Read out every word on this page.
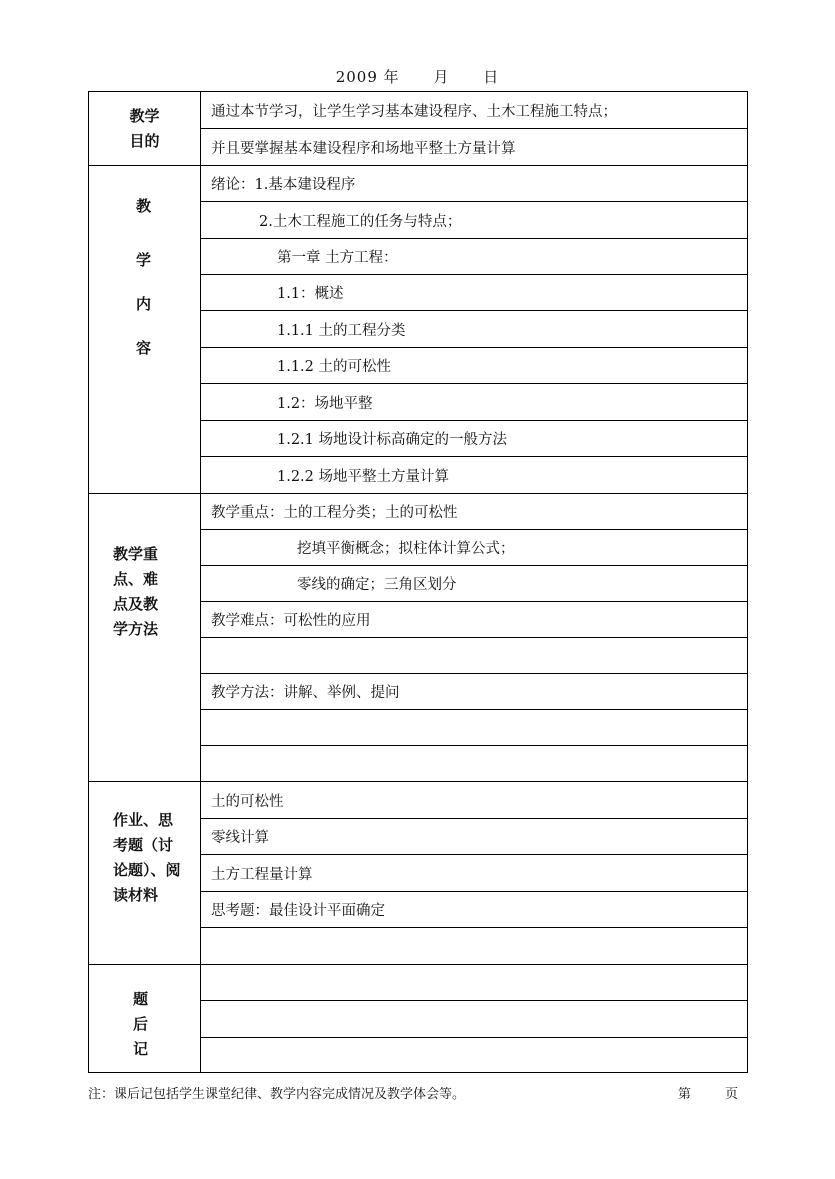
2009 年 月 日
教学
目的
通过本节学习，让学生学习基本建设程序、土木工程施工特点；
并且要掌握基本建设程序和场地平整土方量计算
教
学
内
容
绪论：1.基本建设程序
2.土木工程施工的任务与特点；
第一章 土方工程：
1.1：概述
1.1.1 土的工程分类
1.1.2 土的可松性
1.2：场地平整
1.2.1 场地设计标高确定的一般方法
1.2.2 场地平整土方量计算
教学重
点、难
点及教
学方法
教学重点：土的工程分类；土的可松性
挖填平衡概念；拟柱体计算公式；
零线的确定；三角区划分
教学难点：可松性的应用
教学方法：讲解、举例、提问
作业、思
考题（讨
论题）、阅
读材料
土的可松性
零线计算
土方工程量计算
思考题：最佳设计平面确定
题
后
记
注：课后记包括学生课堂纪律、教学内容完成情况及教学体会等。	第	页
